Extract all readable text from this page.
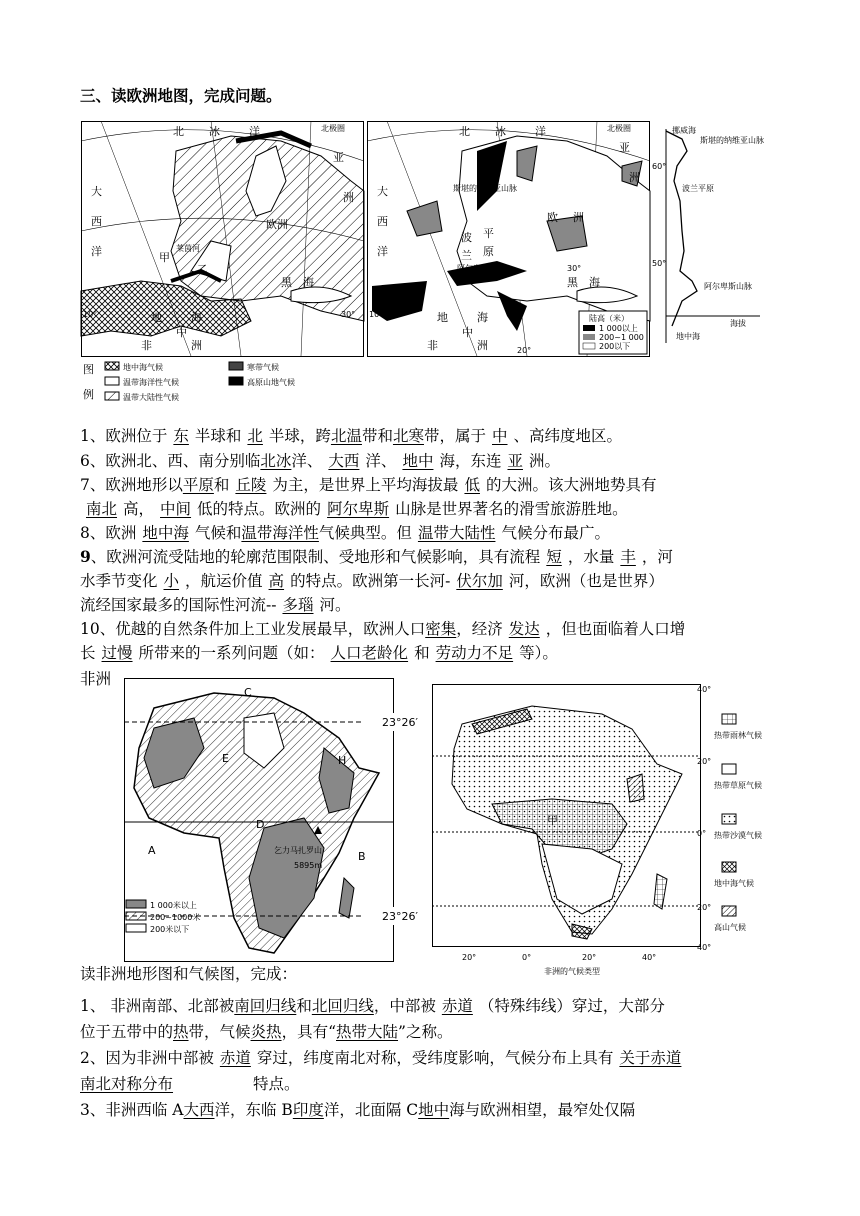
三、读欧洲地图，完成问题。
北 冰	洋
大
西
洋
欧洲
黑 海
地
中
海
非	洲
亚
洲
甲
莱茵河
北极圈
乙
10°	30°
图
例
地中海气候
温带海洋性气候
温带大陆性气候
寒带气候
高原山地气候
北 冰	洋
亚
洲
大
西
洋
欧 洲
波
兰
平
原
黑 海
地
中
海
非	洲
斯堪的纳维亚山脉
北极圈
阿尔卑斯山脉	30°
10°
20°
陆高（米）
1 000以上
200~1 000
200以下
挪威海
斯堪的纳维亚山脉
60°
波兰平原
50°
阿尔卑斯山脉
海拔
地中海
1、欧洲位于 东 半球和 北 半球，跨北温带和北寒带，属于 中 、高纬度地区。
6、欧洲北、西、南分别临北冰洋、 大西 洋、 地中 海，东连 亚 洲。
7、欧洲地形以平原和 丘陵 为主，是世界上平均海拔最 低 的大洲。该大洲地势具有
南北 高， 中间 低的特点。欧洲的 阿尔卑斯 山脉是世界著名的滑雪旅游胜地。
8、欧洲 地中海 气候和温带海洋性气候典型。但 温带大陆性 气候分布最广。
9、欧洲河流受陆地的轮廓范围限制、受地形和气候影响，具有流程 短 ，水量 丰 ，河
水季节变化 小 ，航运价值 高 的特点。欧洲第一长河- 伏尔加 河，欧洲（也是世界）
流经国家最多的国际性河流-- 多瑙 河。
10、优越的自然条件加上工业发展最早，欧洲人口密集，经济 发达 ，但也面临着人口增
长 过慢 所带来的一系列问题（如： 人口老龄化 和 劳动力不足 等）。
非洲
C
E	H
D
A	B
23°26′
23°26′
乞力马扎罗山
5895m
1 000米以上
200~1000米
200米以下
40°
20°
0°
20°
40°
20°	0°	20°	40°
甲
热带雨林气候
热带草原气候
热带沙漠气候
地中海气候
高山气候
非洲的气候类型
读非洲地形图和气候图，完成：
1、 非洲南部、北部被南回归线和北回归线，中部被 赤道 （特殊纬线）穿过，大部分
位于五带中的热带，气候炎热，具有“热带大陆”之称。
2、因为非洲中部被 赤道 穿过，纬度南北对称，受纬度影响，气候分布上具有 关于赤道
南北对称分布	特点。
3、非洲西临 A大西洋，东临 B印度洋，北面隔 C地中海与欧洲相望，最窄处仅隔
